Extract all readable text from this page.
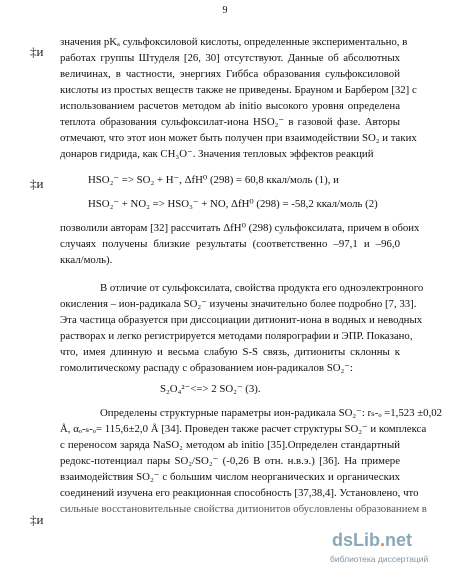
9
‡и
‡и
‡и
значения pKₐ сульфоксиловой кислоты, определенные экспериментально, в
работах группы Штуделя [26, 30] отсутствуют. Данные об абсолютных
величинах, в частности, энергиях Гиббса образования сульфоксиловой
кислоты из простых веществ также не приведены. Брауном и Барбером [32] с
использованием расчетов методом ab initio высокого уровня определена
теплота образования сульфоксилат-иона HSO₂⁻ в газовой фазе. Авторы
отмечают, что этот ион может быть получен при взаимодействии SO₂ и таких
донаров гидрида, как CH₃O⁻. Значения тепловых эффектов реакций
HSO₂⁻ => SO₂ + H⁻, ΔfH⁰ (298) = 60,8 ккал/моль (1), и
HSO₂⁻ + NO₂ => HSO₃⁻ + NO, ΔfH⁰ (298) = -58,2 ккал/моль (2)
позволили авторам [32] рассчитать ΔfH⁰ (298) сульфоксилата, причем в обоих
случаях получены близкие результаты (соответственно –97,1 и –96,0
ккал/моль).
В отличие от сульфоксилата, свойства продукта его одноэлектронного
окисления – ион-радикала SO₂⁻ изучены значительно более подробно [7, 33].
Эта частица образуется при диссоциации дитионит-иона в водных и неводных
растворах и легко регистрируется методами полярографии и ЭПР. Показано,
что, имея длинную и весьма слабую S-S связь, дитиониты склонны к
гомолитическому распаду с образованием ион-радикалов SO₂⁻:
S₂O₄²⁻<=> 2 SO₂⁻ (3).
Определены структурные параметры ион-радикала SO₂⁻: rₛ-ₒ =1,523 ±0,02
Å, αₒ-ₛ-ₒ= 115,6±2,0 Å [34]. Проведен также расчет структуры SO₂⁻ и комплекса
с переносом заряда NaSO₂ методом ab initio [35].Определен стандартный
редокс-потенциал пары SO₂/SO₂⁻ (-0,26 В отн. н.в.э.) [36]. На примере
взаимодействия SO₂⁻ с большим числом неорганических и органических
соединений изучена его реакционная способность [37,38,4]. Установлено, что
сильные восстановительные свойства дитионитов обусловлены образованием в
dsLib.net
библиотека диссертаций
